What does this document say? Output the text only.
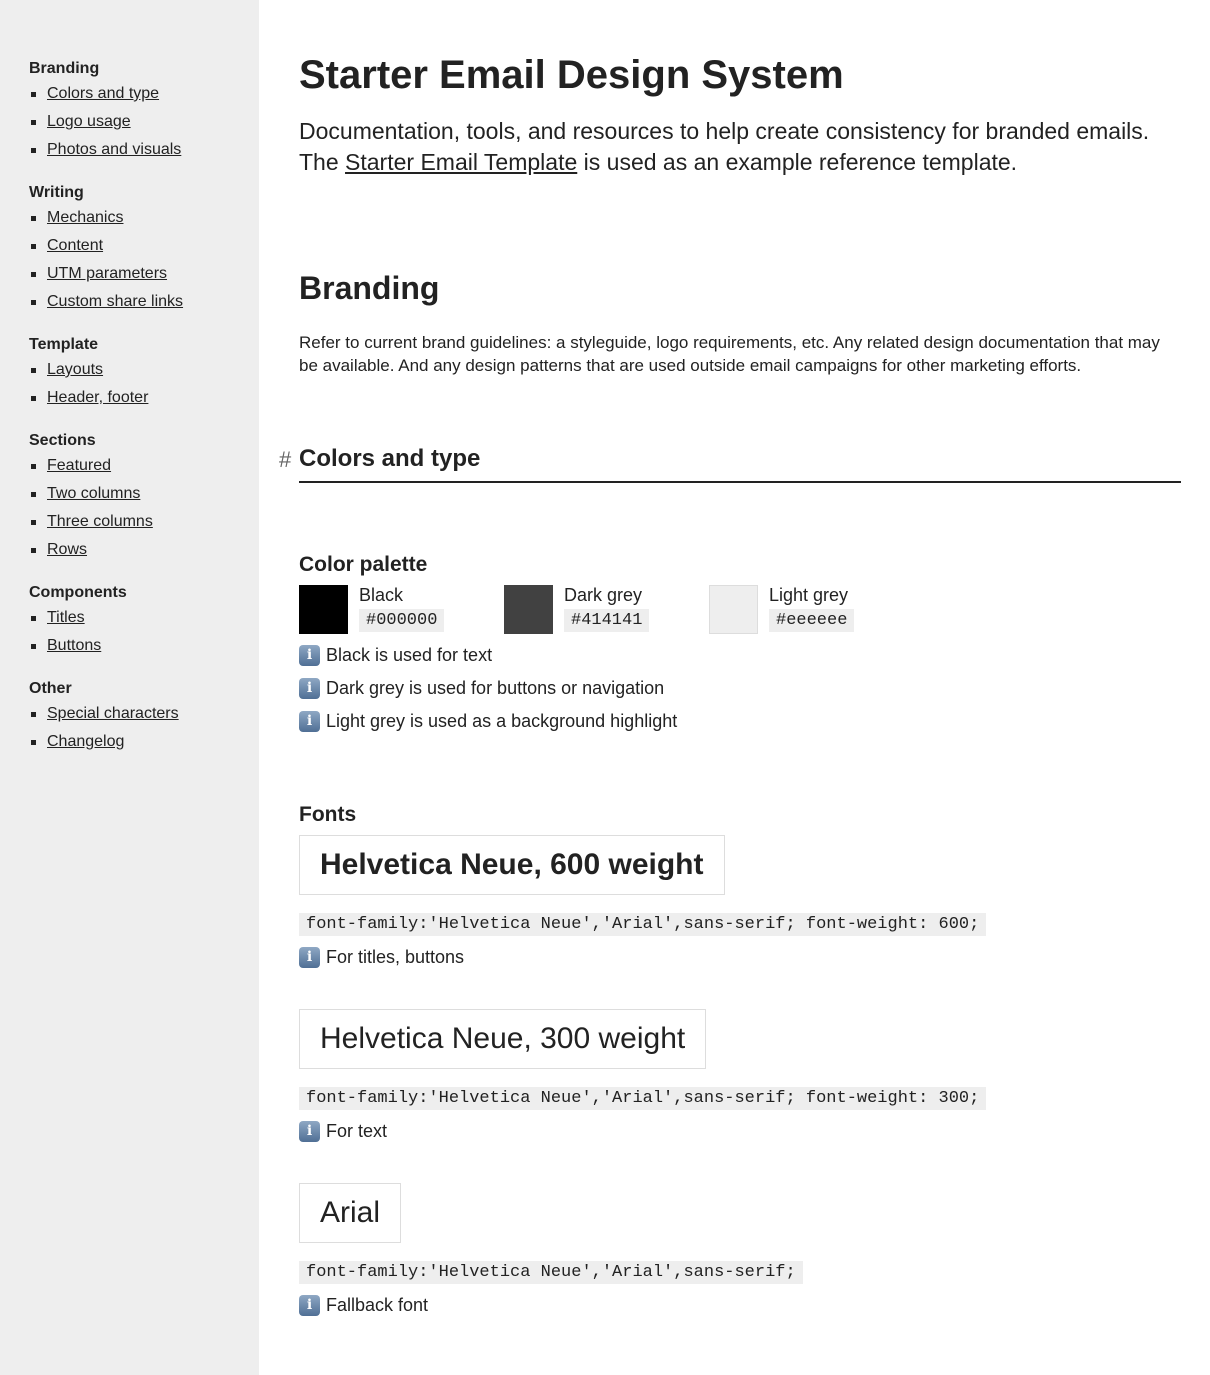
Branding
Colors and type
Logo usage
Photos and visuals
Writing
Mechanics
Content
UTM parameters
Custom share links
Template
Layouts
Header, footer
Sections
Featured
Two columns
Three columns
Rows
Components
Titles
Buttons
Other
Special characters
Changelog
Starter Email Design System
Documentation, tools, and resources to help create consistency for branded emails.
The Starter Email Template is used as an example reference template.
Branding

Refer to current brand guidelines: a styleguide, logo requirements, etc. Any related design documentation that may be available. And any design patterns that are used outside email campaigns for other marketing efforts.

# Colors and type
Color palette
Black
#000000
Dark grey
#414141
Light grey
#eeeeee
i Black is used for text
i Dark grey is used for buttons or navigation
i Light grey is used as a background highlight
Fonts
Helvetica Neue, 600 weight
font-family:'Helvetica Neue','Arial',sans-serif; font-weight: 600;
i For titles, buttons
Helvetica Neue, 300 weight
font-family:'Helvetica Neue','Arial',sans-serif; font-weight: 300;
i For text
Arial
font-family:'Helvetica Neue','Arial',sans-serif;
i Fallback font
